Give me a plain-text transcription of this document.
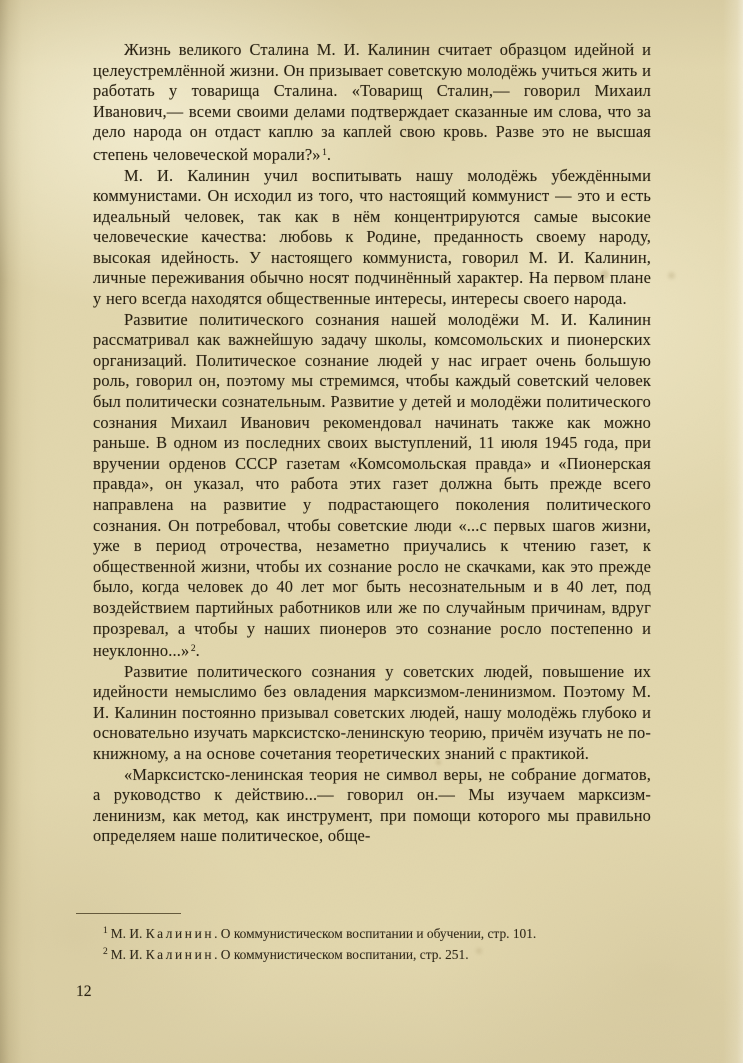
Жизнь великого Сталина М. И. Калинин считает образцом идейной и целеустремлённой жизни. Он призывает советскую молодёжь учиться жить и работать у товарища Сталина. «Товарищ Сталин,— говорил Михаил Иванович,— всеми своими делами подтверждает сказанные им слова, что за дело народа он отдаст каплю за каплей свою кровь. Разве это не высшая степень человеческой морали?» $^1$.

М. И. Калинин учил воспитывать нашу молодёжь убеждёнными коммунистами. Он исходил из того, что настоящий коммунист — это и есть идеальный человек, так как в нём концентрируются самые высокие человеческие качества: любовь к Родине, преданность своему народу, высокая идейность. У настоящего коммуниста, говорил М. И. Калинин, личные переживания обычно носят подчинённый характер. На первом плане у него всегда находятся общественные интересы, интересы своего народа.

Развитие политического сознания нашей молодёжи М. И. Калинин рассматривал как важнейшую задачу школы, комсомольских и пионерских организаций. Политическое сознание людей у нас играет очень большую роль, говорил он, поэтому мы стремимся, чтобы каждый советский человек был политически сознательным. Развитие у детей и молодёжи политического сознания Михаил Иванович рекомендовал начинать также как можно раньше. В одном из последних своих выступлений, 11 июля 1945 года, при вручении орденов СССР газетам «Комсомольская правда» и «Пионерская правда», он указал, что работа этих газет должна быть прежде всего направлена на развитие у подрастающего поколения политического сознания. Он потребовал, чтобы советские люди «...с первых шагов жизни, уже в период отрочества, незаметно приучались к чтению газет, к общественной жизни, чтобы их сознание росло не скачками, как это прежде было, когда человек до 40 лет мог быть несознательным и в 40 лет, под воздействием партийных работников или же по случайным причинам, вдруг прозревал, а чтобы у наших пионеров это сознание росло постепенно и неуклонно...» $^2$.

Развитие политического сознания у советских людей, повышение их идейности немыслимо без овладения марксизмом-ленинизмом. Поэтому М. И. Калинин постоянно призывал советских людей, нашу молодёжь глубоко и основательно изучать марксистско-ленинскую теорию, причём изучать не по-книжному, а на основе сочетания теоретических знаний с практикой.

«Марксистско-ленинская теория не символ веры, не собрание догматов, а руководство к действию...— говорил он.— Мы изучаем марксизм-ленинизм, как метод, как инструмент, при помощи которого мы правильно определяем наше политическое, обще-

$^1$ М. И. Калинин. О коммунистическом воспитании и обучении, стр. 101.

$^2$ М. И. Калинин. О коммунистическом воспитании, стр. 251.

12
